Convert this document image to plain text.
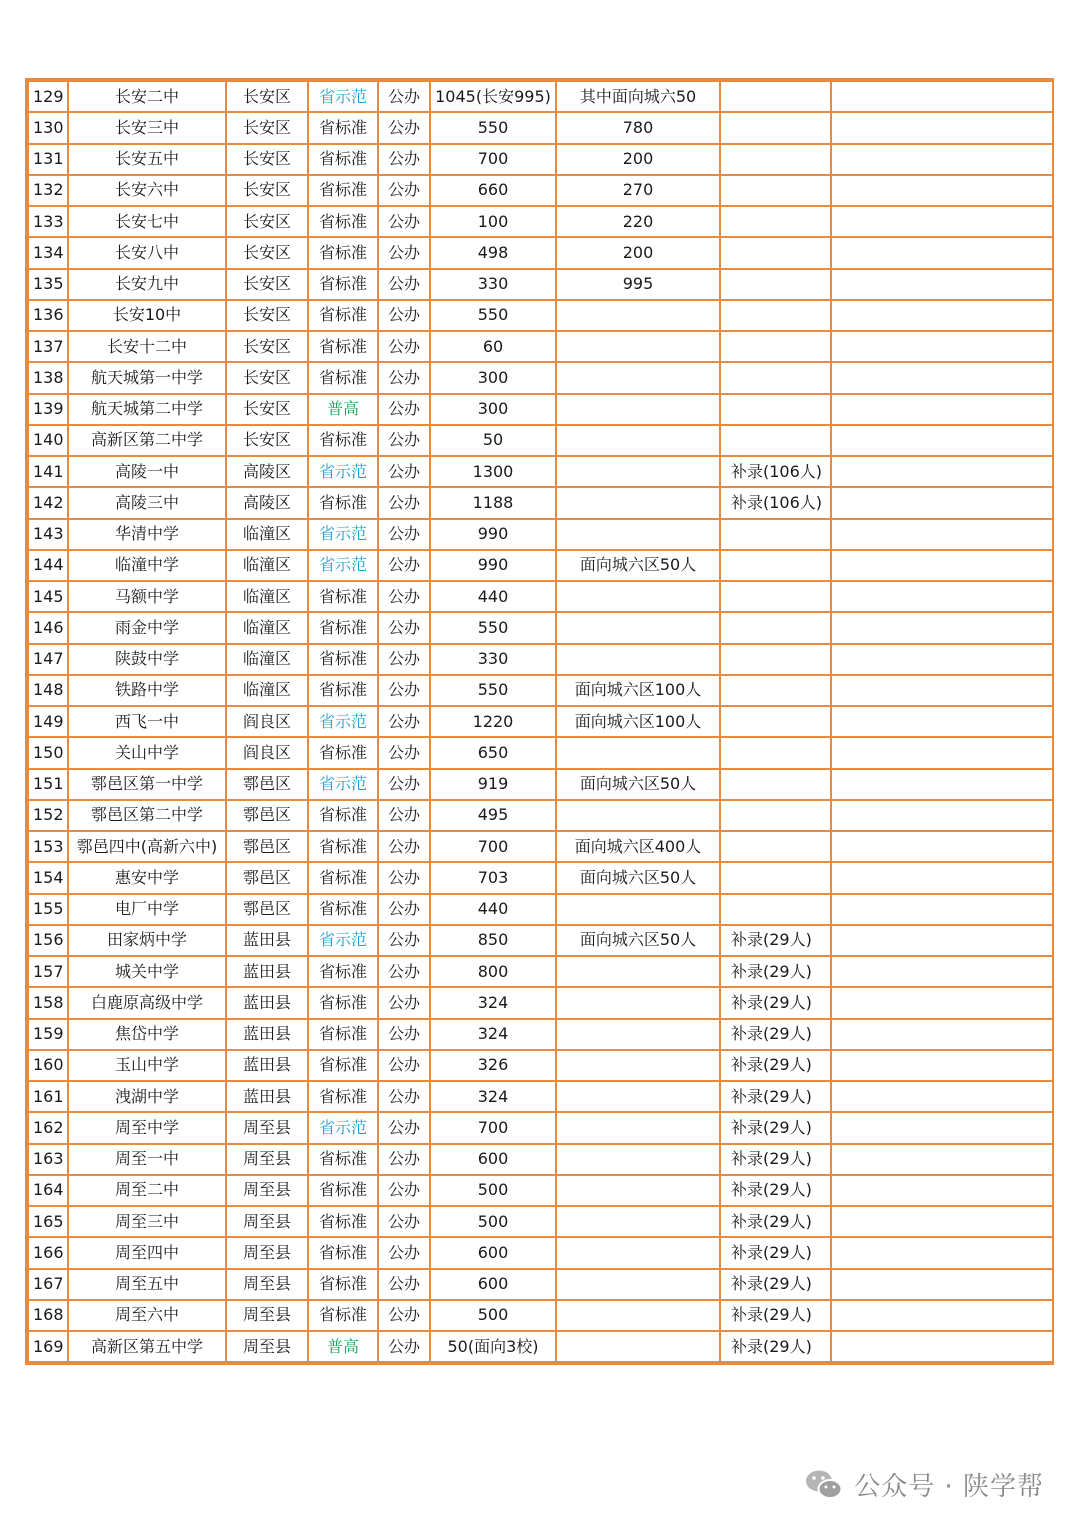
129	长安二中	长安区	省示范	公办	1045(长安995)	其中面向城六50		
130	长安三中	长安区	省标准	公办	550	780		
131	长安五中	长安区	省标准	公办	700	200		
132	长安六中	长安区	省标准	公办	660	270		
133	长安七中	长安区	省标准	公办	100	220		
134	长安八中	长安区	省标准	公办	498	200		
135	长安九中	长安区	省标准	公办	330	995		
136	长安10中	长安区	省标准	公办	550			
137	长安十二中	长安区	省标准	公办	60			
138	航天城第一中学	长安区	省标准	公办	300			
139	航天城第二中学	长安区	普高	公办	300			
140	高新区第二中学	长安区	省标准	公办	50			
141	高陵一中	高陵区	省示范	公办	1300		补录(106人)	
142	高陵三中	高陵区	省标准	公办	1188		补录(106人)	
143	华清中学	临潼区	省示范	公办	990			
144	临潼中学	临潼区	省示范	公办	990	面向城六区50人		
145	马额中学	临潼区	省标准	公办	440			
146	雨金中学	临潼区	省标准	公办	550			
147	陕鼓中学	临潼区	省标准	公办	330			
148	铁路中学	临潼区	省标准	公办	550	面向城六区100人		
149	西飞一中	阎良区	省示范	公办	1220	面向城六区100人		
150	关山中学	阎良区	省标准	公办	650			
151	鄠邑区第一中学	鄠邑区	省示范	公办	919	面向城六区50人		
152	鄠邑区第二中学	鄠邑区	省标准	公办	495			
153	鄠邑四中(高新六中)	鄠邑区	省标准	公办	700	面向城六区400人		
154	惠安中学	鄠邑区	省标准	公办	703	面向城六区50人		
155	电厂中学	鄠邑区	省标准	公办	440			
156	田家炳中学	蓝田县	省示范	公办	850	面向城六区50人	补录(29人)	
157	城关中学	蓝田县	省标准	公办	800		补录(29人)	
158	白鹿原高级中学	蓝田县	省标准	公办	324		补录(29人)	
159	焦岱中学	蓝田县	省标准	公办	324		补录(29人)	
160	玉山中学	蓝田县	省标准	公办	326		补录(29人)	
161	洩湖中学	蓝田县	省标准	公办	324		补录(29人)	
162	周至中学	周至县	省示范	公办	700		补录(29人)	
163	周至一中	周至县	省标准	公办	600		补录(29人)	
164	周至二中	周至县	省标准	公办	500		补录(29人)	
165	周至三中	周至县	省标准	公办	500		补录(29人)	
166	周至四中	周至县	省标准	公办	600		补录(29人)	
167	周至五中	周至县	省标准	公办	600		补录(29人)	
168	周至六中	周至县	省标准	公办	500		补录(29人)	
169	高新区第五中学	周至县	普高	公办	50(面向3校)		补录(29人)	
公众号 · 陕学帮
